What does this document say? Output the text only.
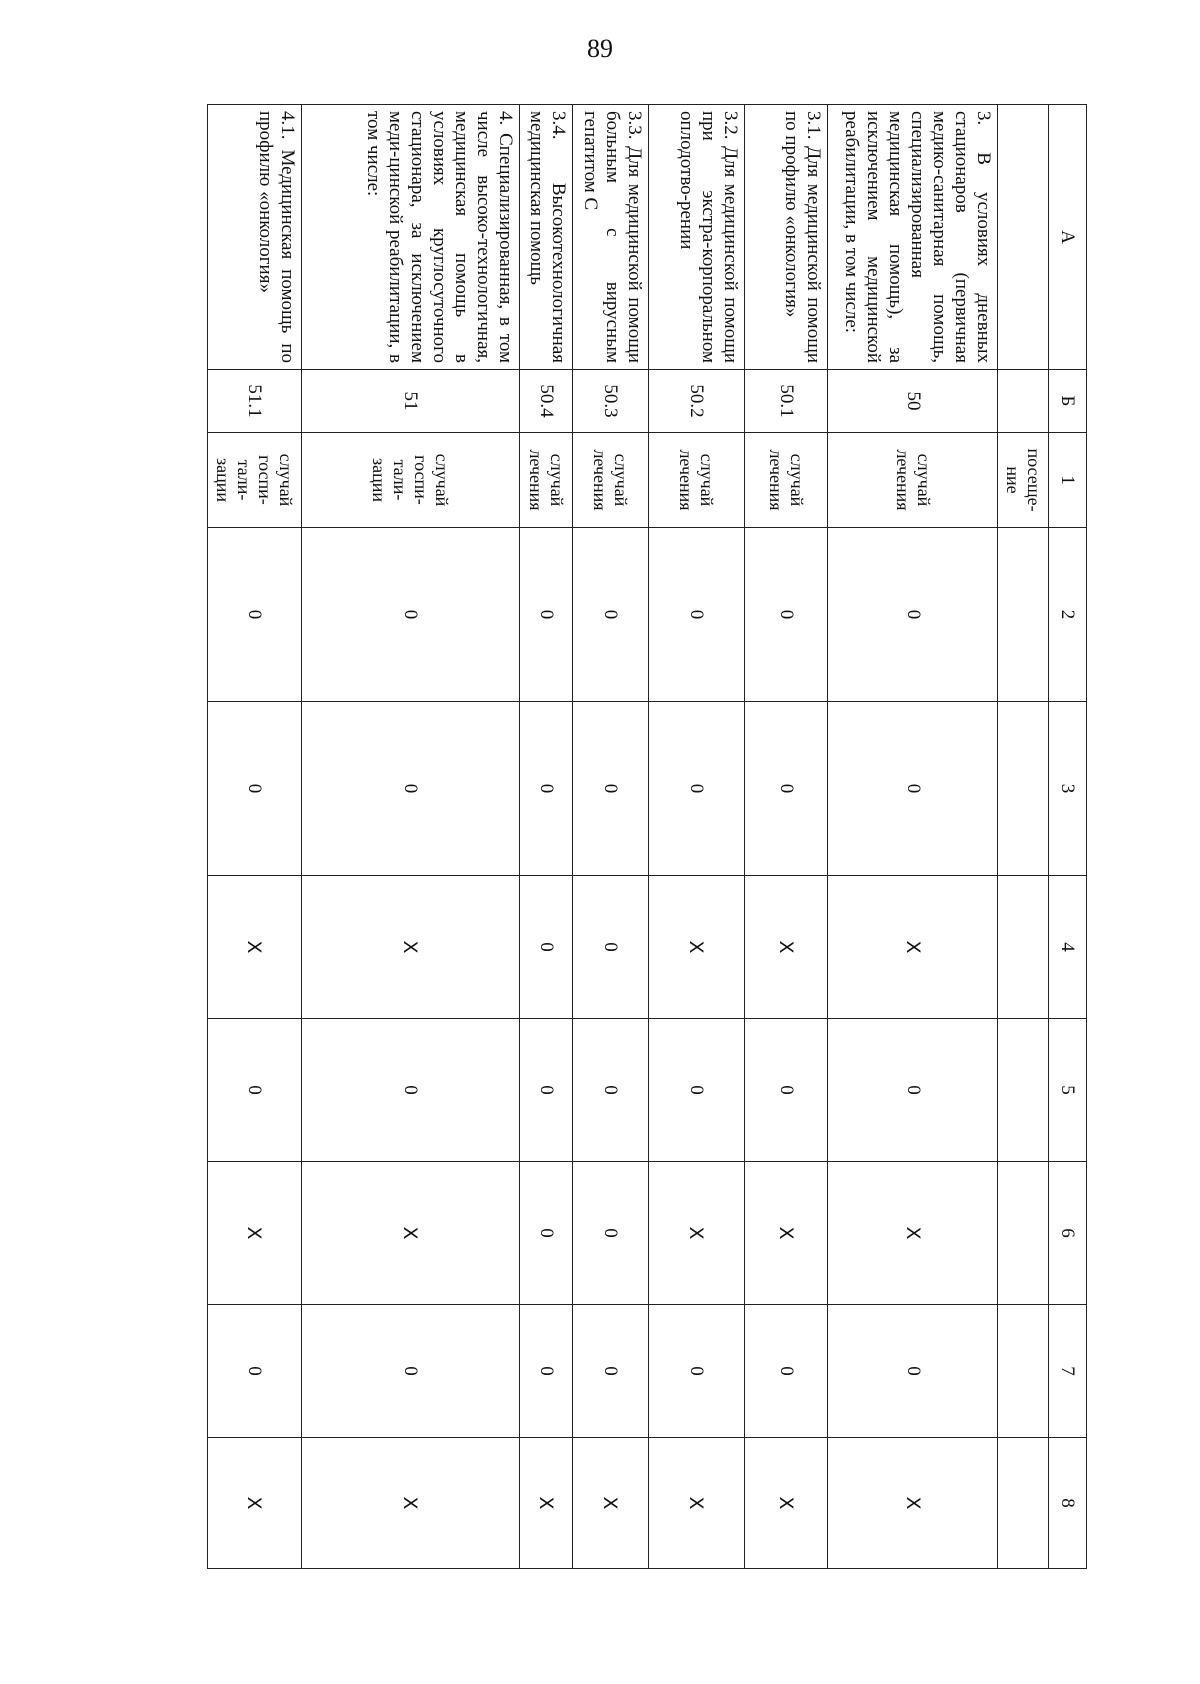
89
А	Б	1	2	3	4	5	6	7	8
		посеще-ние							
3. В условиях дневных стационаров (первичная медико-санитарная помощь, специализированная медицинская помощь), за исключением медицинской реабилитации, в том числе:	50	случай лечения	0	0	X	0	X	0	X
3.1. Для медицинской помощи по профилю «онкология»	50.1	случай лечения	0	0	X	0	X	0	X
3.2. Для медицинской помощи при экстра-корпоральном оплодотво-рении	50.2	случай лечения	0	0	X	0	X	0	X
3.3. Для медицинской помощи больным с вирусным гепатитом С	50.3	случай лечения	0	0	0	0	0	0	X
3.4. Высокотехнологичная медицинская помощь	50.4	случай лечения	0	0	0	0	0	0	X
4. Специализированная, в том числе высоко-технологичная, медицинская помощь в условиях круглосуточного стационара, за исключением меди-цинской реабилитации, в том числе:	51	случай госпи-тали-зации	0	0	X	0	X	0	X
4.1. Медицинская помощь по профилю «онкология»	51.1	случай госпи-тали-зации	0	0	X	0	X	0	X
